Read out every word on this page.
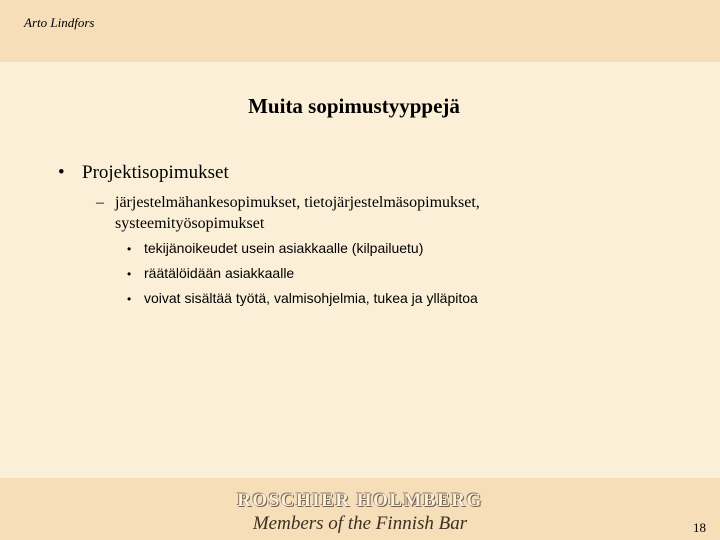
Arto Lindfors
Muita sopimustyyppejä
• Projektisopimukset
– järjestelmähankesopimukset, tietojärjestelmäsopimukset, systeemityösopimukset
• tekijänoikeudet usein asiakkaalle (kilpailuetu)
• räätälöidään asiakkaalle
• voivat sisältää työtä, valmisohjelmia, tukea ja ylläpitoa
ROSCHIER HOLMBERG
Members of the Finnish Bar	18
